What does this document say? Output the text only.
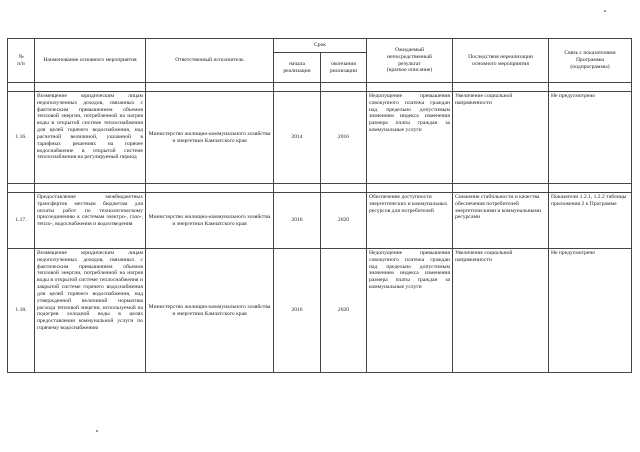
№
п/п	Наименование основного мероприятия	Ответственный исполнитель	Срок		Ожидаемый
непосредственный
результат
(краткое описание)	Последствия нереализации
основного мероприятия	Связь с показателями
Программы
(подпрограммы)
			начала
реализации	окончания
реализации			

1.16.	Возмещение юридическим лицам недополученных доходов, связанных с фактическим превышением объемов тепловой энергии, потребленной на нагрев воды в открытой системе теплоснабжения для целей горячего водоснабжения, над расчетной величиной, указанной в тарифных решениях на горячее водоснабжение в открытой системе теплоснабжения на регулируемый период	Министерство жилищно-коммунального хозяйства и энергетики Камчатского края	2014	2016	Недопущение превышения совокупного платежа граждан над предельно допустимым значением индекса изменения размера платы граждан за коммунальные услуги	Увеличение социальной напряженности	Не предусмотрено

1.17.	Предоставление межбюджетных трансфертов местным бюджетам для оплаты работ по технологическому присоединению к системам электро-, газо-, тепло-, водоснабжения и водоотведения	Министерство жилищно-коммунального хозяйства и энергетики Камчатского края	2016	2020	Обеспечение доступности энергетических и коммунальных ресурсов для потребителей	Снижение стабильности и качества обеспечения потребителей энергетическими и коммунальными ресурсами	Показатели 1.2.1, 1.2.2 таблицы приложения 2 к Программе
1.18.	Возмещение юридическим лицам недополученных доходов, связанных с фактическим превышением объемов тепловой энергии, потребленной на нагрев воды в открытой системе теплоснабжения и закрытой системе горячего водоснабжения для целей горячего водоснабжения, над утвержденной величиной норматива расхода тепловой энергии, используемой на подогрев холодной воды в целях предоставления коммунальной услуги по горячему водоснабжению	Министерство жилищно-коммунального хозяйства и энергетики Камчатского края	2016	2020	Недопущение превышения совокупного платежа граждан над предельно допустимым значением индекса изменения размера платы граждан за коммунальные услуги	Увеличение социальной напряженности	Не предусмотрено
